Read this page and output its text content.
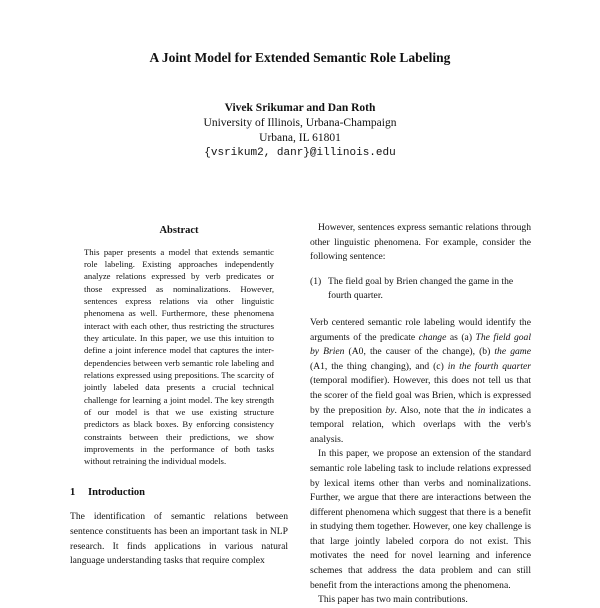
A Joint Model for Extended Semantic Role Labeling
Vivek Srikumar and Dan Roth
University of Illinois, Urbana-Champaign
Urbana, IL 61801
{vsrikum2, danr}@illinois.edu
Abstract
This paper presents a model that extends semantic role labeling. Existing approaches independently analyze relations expressed by verb predicates or those expressed as nominalizations. However, sentences express relations via other linguistic phenomena as well. Furthermore, these phenomena interact with each other, thus restricting the structures they articulate. In this paper, we use this intuition to define a joint inference model that captures the inter-dependencies between verb semantic role labeling and relations expressed using prepositions. The scarcity of jointly labeled data presents a crucial technical challenge for learning a joint model. The key strength of our model is that we use existing structure predictors as black boxes. By enforcing consistency constraints between their predictions, we show improvements in the performance of both tasks without retraining the individual models.
1 Introduction

The identification of semantic relations between sentence constituents has been an important task in NLP research. It finds applications in various natural language understanding tasks that require complex

However, sentences express semantic relations through other linguistic phenomena. For example, consider the following sentence:

(1) The field goal by Brien changed the game in the fourth quarter.

Verb centered semantic role labeling would identify the arguments of the predicate change as (a) The field goal by Brien (A0, the causer of the change), (b) the game (A1, the thing changing), and (c) in the fourth quarter (temporal modifier). However, this does not tell us that the scorer of the field goal was Brien, which is expressed by the preposition by. Also, note that the in indicates a temporal relation, which overlaps with the verb's analysis.

In this paper, we propose an extension of the standard semantic role labeling task to include relations expressed by lexical items other than verbs and nominalizations. Further, we argue that there are interactions between the different phenomena which suggest that there is a benefit in studying them together. However, one key challenge is that large jointly labeled corpora do not exist. This motivates the need for novel learning and inference schemes that address the data problem and can still benefit from the interactions among the phenomena.

This paper has two main contributions.
